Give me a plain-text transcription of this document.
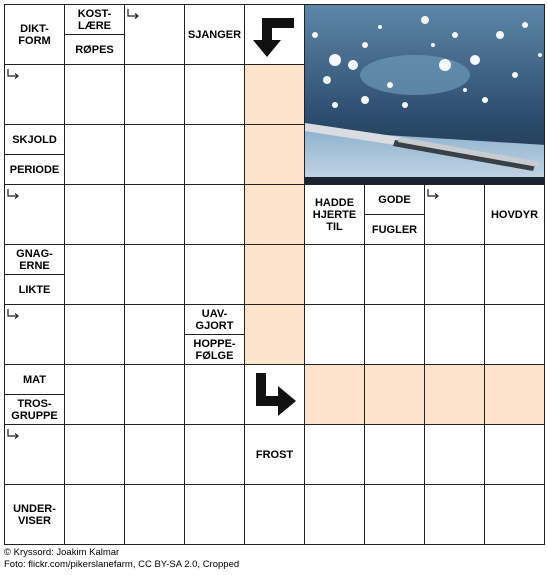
DIKT-
FORM
KOST-
LÆRE
RØPES
SJANGER
SKJOLD
PERIODE
HADDE
HJERTE
TIL
GODE
FUGLER
HOVDYR
GNAG-
ERNE
LIKTE
UAV-
GJORT
HOPPE-
FØLGE
MAT
TROS-
GRUPPE
FROST
UNDER-
VISER
© Kryssord: Joakim Kalmar
Foto: flickr.com/pikerslanefarm, CC BY-SA 2.0, Cropped
